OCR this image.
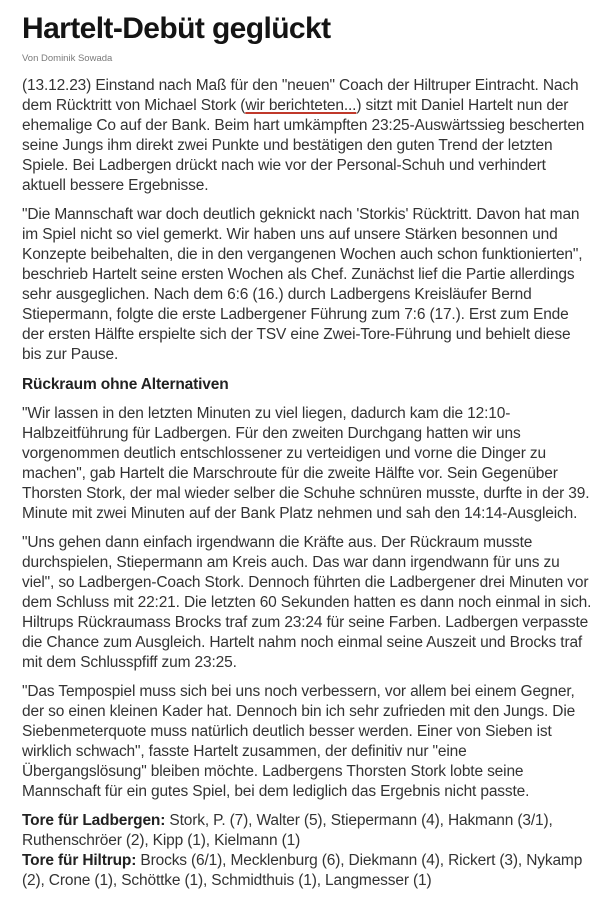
Hartelt-Debüt geglückt
Von Dominik Sowada

(13.12.23) Einstand nach Maß für den "neuen" Coach der Hiltruper Eintracht. Nach dem Rücktritt von Michael Stork (wir berichteten...) sitzt mit Daniel Hartelt nun der ehemalige Co auf der Bank. Beim hart umkämpften 23:25-Auswärtssieg bescherten seine Jungs ihm direkt zwei Punkte und bestätigen den guten Trend der letzten Spiele. Bei Ladbergen drückt nach wie vor der Personal-Schuh und verhindert aktuell bessere Ergebnisse.

"Die Mannschaft war doch deutlich geknickt nach 'Storkis' Rücktritt. Davon hat man im Spiel nicht so viel gemerkt. Wir haben uns auf unsere Stärken besonnen und Konzepte beibehalten, die in den vergangenen Wochen auch schon funktionierten", beschrieb Hartelt seine ersten Wochen als Chef. Zunächst lief die Partie allerdings sehr ausgeglichen. Nach dem 6:6 (16.) durch Ladbergens Kreisläufer Bernd Stiepermann, folgte die erste Ladbergener Führung zum 7:6 (17.). Erst zum Ende der ersten Hälfte erspielte sich der TSV eine Zwei-Tore-Führung und behielt diese bis zur Pause.

Rückraum ohne Alternativen

"Wir lassen in den letzten Minuten zu viel liegen, dadurch kam die 12:10-Halbzeitführung für Ladbergen. Für den zweiten Durchgang hatten wir uns vorgenommen deutlich entschlossener zu verteidigen und vorne die Dinger zu machen", gab Hartelt die Marschroute für die zweite Hälfte vor. Sein Gegenüber Thorsten Stork, der mal wieder selber die Schuhe schnüren musste, durfte in der 39. Minute mit zwei Minuten auf der Bank Platz nehmen und sah den 14:14-Ausgleich.

"Uns gehen dann einfach irgendwann die Kräfte aus. Der Rückraum musste durchspielen, Stiepermann am Kreis auch. Das war dann irgendwann für uns zu viel", so Ladbergen-Coach Stork. Dennoch führten die Ladbergener drei Minuten vor dem Schluss mit 22:21. Die letzten 60 Sekunden hatten es dann noch einmal in sich. Hiltrups Rückraumass Brocks traf zum 23:24 für seine Farben. Ladbergen verpasste die Chance zum Ausgleich. Hartelt nahm noch einmal seine Auszeit und Brocks traf mit dem Schlusspfiff zum 23:25.

"Das Tempospiel muss sich bei uns noch verbessern, vor allem bei einem Gegner, der so einen kleinen Kader hat. Dennoch bin ich sehr zufrieden mit den Jungs. Die Siebenmeterquote muss natürlich deutlich besser werden. Einer von Sieben ist wirklich schwach", fasste Hartelt zusammen, der definitiv nur "eine Übergangslösung" bleiben möchte. Ladbergens Thorsten Stork lobte seine Mannschaft für ein gutes Spiel, bei dem lediglich das Ergebnis nicht passte.

Tore für Ladbergen: Stork, P. (7), Walter (5), Stiepermann (4), Hakmann (3/1), Ruthenschröer (2), Kipp (1), Kielmann (1)

Tore für Hiltrup: Brocks (6/1), Mecklenburg (6), Diekmann (4), Rickert (3), Nykamp (2), Crone (1), Schöttke (1), Schmidthuis (1), Langmesser (1)
